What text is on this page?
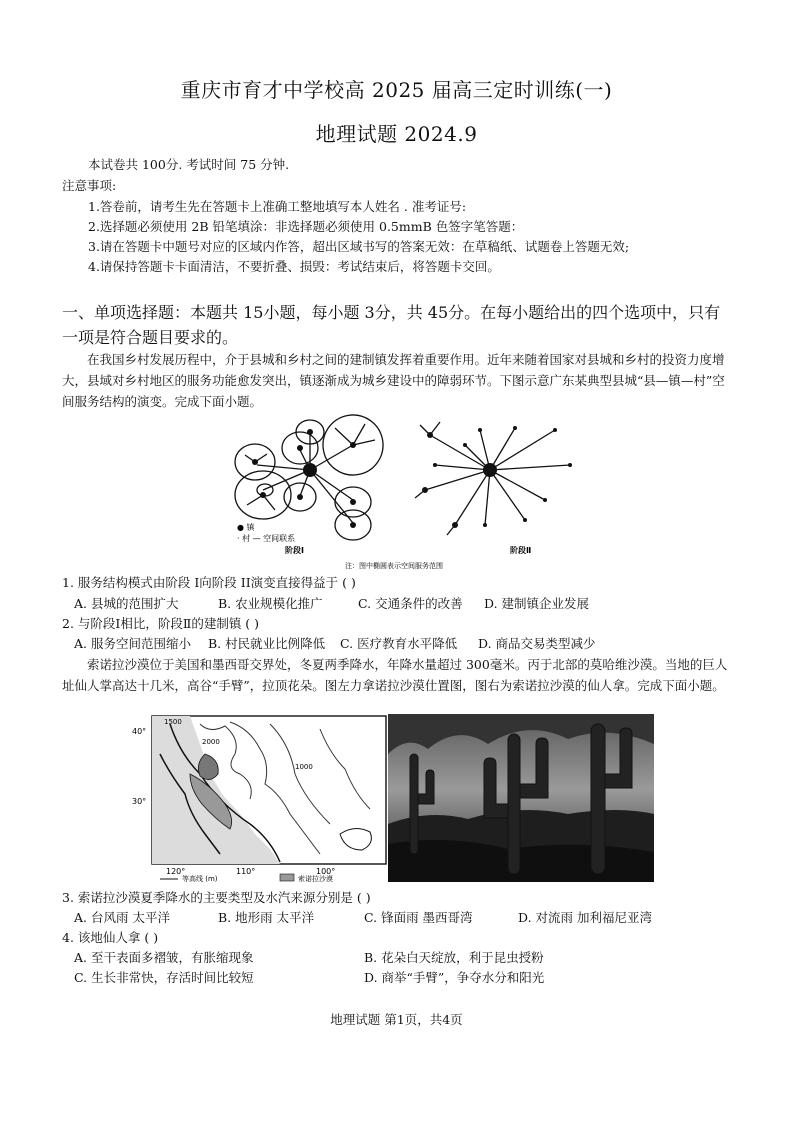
重庆市育才中学校高 2025 届高三定时训练(一)
地理试题 2024.9
本试卷共 100分. 考试时间 75 分钟.
注意事项:
1.答卷前，请考生先在答题卡上准确工整地填写本人姓名 . 准考证号:
2.选择题必须使用 2B 铅笔填涂：非选择题必须使用 0.5mmB 色签字笔答题：
3.请在答题卡中题号对应的区域内作答，超出区域书写的答案无效：在草稿纸、试题卷上答题无效;
4.请保持答题卡卡面清洁，不要折叠、损毁：考试结束后，将答题卡交回。
一、单项选择题：本题共 15小题，每小题 3分，共 45分。在每小题给出的四个选项中，只有
一项是符合题目要求的。
在我国乡村发展历程中，介于县城和乡村之间的建制镇发挥着重要作用。近年来随着国家对县城和乡村的投资力度增大，县域对乡村地区的服务功能愈发突出，镇逐渐成为城乡建设中的障弱环节。下图示意广东某典型县城“县—镇—村”空间服务结构的演变。完成下面小题。
● 镇
· 村 — 空间联系
阶段Ⅰ	阶段Ⅱ
注：图中椭圆表示空间服务范围
1. 服务结构模式由阶段 I向阶段 II演变直接得益于 ( )
A. 县城的范围扩大	B. 农业规模化推广	C. 交通条件的改善 D. 建制镇企业发展
2. 与阶段Ⅰ相比，阶段Ⅱ的建制镇 ( )
A. 服务空间范围缩小 B. 村民就业比例降低 C. 医疗教育水平降低 D. 商品交易类型减少
索诺拉沙漠位于美国和墨西哥交界处，冬夏两季降水，年降水量超过 300毫米。丙于北部的莫哈维沙漠。当地的巨人址仙人掌高达十几米，高谷“手臂”，拉顶花朵。图左力拿诺拉沙漠仕置图，图右为索诺拉沙漠的仙人拿。完成下面小题。
40°
30°
1500
2000
1000
120°	110°	100°
等高线 (m)	索诺拉沙漠
3. 索诺拉沙漠夏季降水的主要类型及水汽来源分别是 ( )
A. 台风雨 太平洋	B. 地形雨 太平洋	C. 锋面雨 墨西哥湾	D. 对流雨 加利福尼亚湾
4. 该地仙人拿 ( )
A. 至干表面多褶皱，有胀缩现象	B. 花朵白天绽放，利于昆虫授粉
C. 生长非常快，存活时间比较短	D. 商举“手臂”，争夺水分和阳光
地理试题 第1页，共4页
